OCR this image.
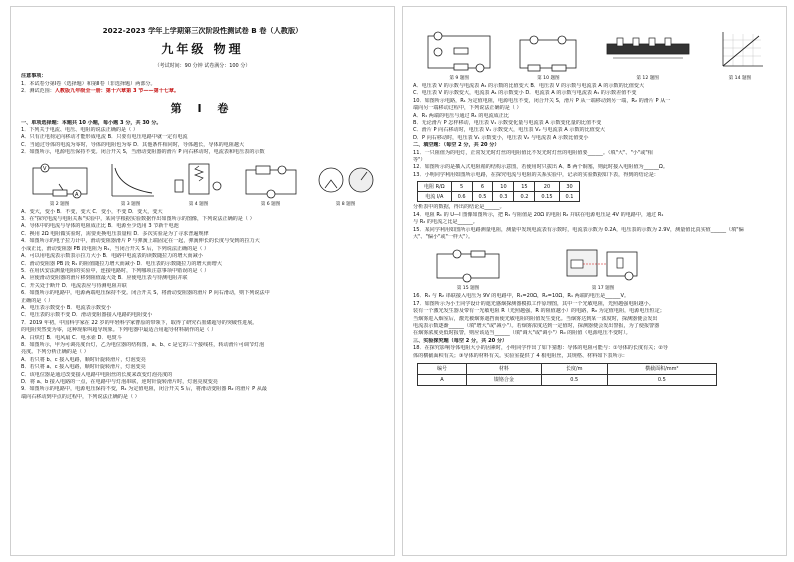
2022-2023 学年上学期第三次阶段性测试卷 B 卷（人教版）

九年级 物理

（考试时间：90 分钟 试卷满分：100 分）

注意事项：

1．本试卷分第Ⅰ卷（选择题）和第Ⅱ卷（非选择题）两部分。

2．测试范围：人教版九年级全一册：第十六章第 3 节——第十七章。

第 Ⅰ 卷

一、单项选择题：本题共 10 小题，每小题 3 分，共 30 分。

1．下列关于电流、电压、电阻的说法正确的是（ ）

A．只有正电荷定向移动才能形成电流 B．只要有电压电路中就一定有电流

C．当通过导体的电流为零时，导体的电阻也为零 D．其他条件相同时，导体越长，导体的电阻越大

2．如图所示，电源电压保持不变。闭合开关 S，当滑动变阻器的滑片 P 向右移动时，电流表和电压表的示数

V
A
第 2 题图	第 3 题图	第 4 题图	第 6 题图	第 8 题图

A．变大，变小 B．不变，变大 C．变小，不变 D．变大，变大

3．在"探究电流与电阻关系"实验中，某同学根据实验数据作出如图所示的图像，下列说法正确的是（ ）

A．导体中的电流与导体的电阻成正比 B．电源至少选用 3 节新干电池

C．换用 2Ω 电阻做实验时，需要更换电压表量程 D．多次实验是为了寻求普遍规律

4．如图所示的电子拉力计中，滑动变阻器滑片 P 与弹簧上端固定在一起，弹簧伸长的长度与受到的拉力大

小成正比，滑动变阻器 PB 段电阻为 R₁，当闭合开关 S 后，下列说法正确的是（ ）

A．可以用电流表示数表示拉力大小 B．电路中电流表的读数随拉力的增大而减小

C．滑动变阻器 PB 段 R₁ 的阻值随拉力增大而减小 D．电压表的示数随拉力的增大而增大

5．在用伏安法测量电阻的实验中，连接电路时，下列哪项注意事项中错误的是（ ）

A．应使滑动变阻器的滑片移到阻值最大处 B．应使电压表与待测电阻并联

C．开关处于断开 D．电流表应与待测电阻并联

6．如图所示的电路中，电源两端电压保持不变。闭合开关 S，将滑动变阻器的滑片 P 向右滑动，则下列说法中

正确的是（ ）

A．电压表示数变小 B．电流表示数变小

C．电压表的示数不变 D．滑动变阻器接入电路的电阻变小

7．2019 年初，中国科学家在 22 岁的年轻科学家曹原的带领下，取得了研究石墨烯超导的突破性进展。

的电阻突然变为零，这种现象叫超导现象。下列电器中最适合用超导材料制作的是（ ）

A．白炽灯 B．电风扇 C．电水壶 D．电熨斗

8．如图所示，甲为可调亮度台灯，乙为电位器的结构图，a、b、c 是它的三个接线柱，转动滑片可调节灯泡

亮度。下列分析正确的是（ ）

A．若只将 b、c 接入电路，顺时针旋转滑片，灯泡变亮

B．若只将 a、c 接入电路，顺时针旋转滑片，灯泡变亮

C．该电位器是通过改变接入电路中电阻丝的长度来改变灯泡亮度的

D．将 a、b 接入电路的一点，在电路中与灯泡串联，逆时针旋转滑片时，灯泡亮度变亮

9．如图所示的电路中，电源电压保持不变，R₁ 为定值电阻，闭合开关 S 后，将滑动变阻器 R₂ 的滑片 P 从最

端向右移动到中点的过程中，下列说法正确的是（ ）

第 9 题图	第 10 题图	第 12 题图	第 14 题图

A．电压表 V 的示数与电流表 A₁ 的示数的比值变大 B．电压表 V 的示数与电流表 A 的示数的比值变大

C．电压表 V 的示数变大，电流表 A₁ 的示数变小 D．电流表 A 的示数与电流表 A₁ 的示数差值不变

10．如图所示电路，R₁ 为定值电阻，电源电压不变，闭合开关 S，滑片 P 从一端移动到另一端，R₂ 的滑片 P 从一

端向另一端移动过程中，下列说法正确的是（ ）

A．R₁ 两端的电压与通过 R₁ 的电流成正比

B．无论滑片 P 怎样移动，电压表 V₁ 示数变化量与电流表 A 示数变化量的比值不变

C．滑片 P 向右移动时，电压表 V₁ 示数变大，电压表 V₂ 与电流表 A 示数的比值变大

D．P 向右移动时，电压表 V₁ 示数变小，电压表 V₂ 与电流表 A 示数比值变小

二、填空题：（每空 2 分，共 20 分）

11．一只阻值为的电灯，正常发光时灯丝的电阻值比不发光时灯丝的电阻值要______。（填"大"、"小"或"相

等"）

12．如图所示的是插入式电阻箱的结构示意图，若使用时只拔出 A、B 两个铜塞，则此时接入电阻值为______Ω。

13．小明同学利用如图所示电路，在探究电流与电阻的关系实验中，记录的实验数据如下表，得到的结论是：

电阻 R/Ω	5	6	10	15	20	30
电流 I/A	0.6	0.5	0.3	0.2	0.15	0.1

分析表中的数据，得出的结论是______。

14．电阻 R₁ 的 U—I 图像如图所示，把 R₁ 与阻值是 20Ω 的电阻 R₂ 并联在电源电压是 4V 的电路中，通过 R₁

与 R₂ 的电流之比是______。

15．某同学利用如图所示电路测量电阻，测量中发现电流表有示数时，电流表示数为 0.2A，电压表的示数为 2.9V，测量值比真实值______（填"偏

大"、"偏小"或"一样大"）。

第 15 题图	第 17 题图

16．R₁ 与 R₂ 串联接入电压为 9V 的电路中，R₁=20Ω，R₂=10Ω，R₁ 两端的电压是______V。

17．如图所示为小王同学设计的遮光感烟探测器模拟工作原理图，其中一个光敏电阻，光照越强电阻越小。

装有一个激光发生器及带有一光敏电阻 R（光照越强，R 的阻值越小）的电路，R₀ 为定值电阻，电源电压恒定；

当烟雾进入烟室后，激光被烟雾遮挡而使光敏电阻的阻值发生变化。当烟雾达到某一浓度时，探测器便会发出

电流表示数逐渐______（填"增大"或"减小"）。若烟雾浓度达到一定值时，探测器便会发出警报，为了使报警器

在烟雾浓度更低时报警，则应该适当______（填"调大"或"调小"）R₀ 的阻值（电源电压不变时）。

三、实验探究题（每空 2 分，共 20 分）

18．在探究影响导体电阻大小的因素时，小明同学作出了如下猜想：导体的电阻可能与：①导体的长度有关；②导

体的横截面积有关；③导体的材料有关。实验室提供了 4 根电阻丝，其规格、材料如下表所示：

编号	材料	长度/m	横截面积/mm²
A	镍铬合金	0.5	0.5
